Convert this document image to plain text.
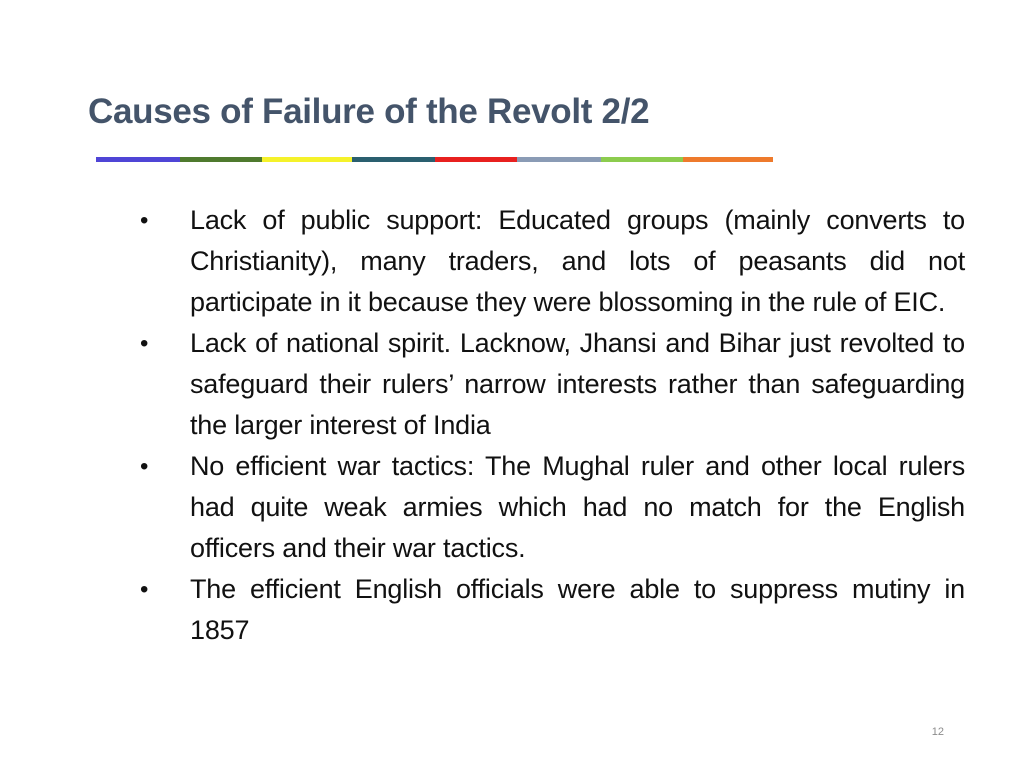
Causes of Failure of the Revolt 2/2
•	Lack of public support: Educated groups (mainly converts to Christianity), many traders, and lots of peasants did not participate in it because they were blossoming in the rule of EIC.
•	Lack of national spirit. Lacknow, Jhansi and Bihar just revolted to safeguard their rulers’ narrow interests rather than safeguarding the larger interest of India
•	No efficient war tactics: The Mughal ruler and other local rulers had quite weak armies which had no match for the English officers and their war tactics.
•	The efficient English officials were able to suppress mutiny in 1857
12
